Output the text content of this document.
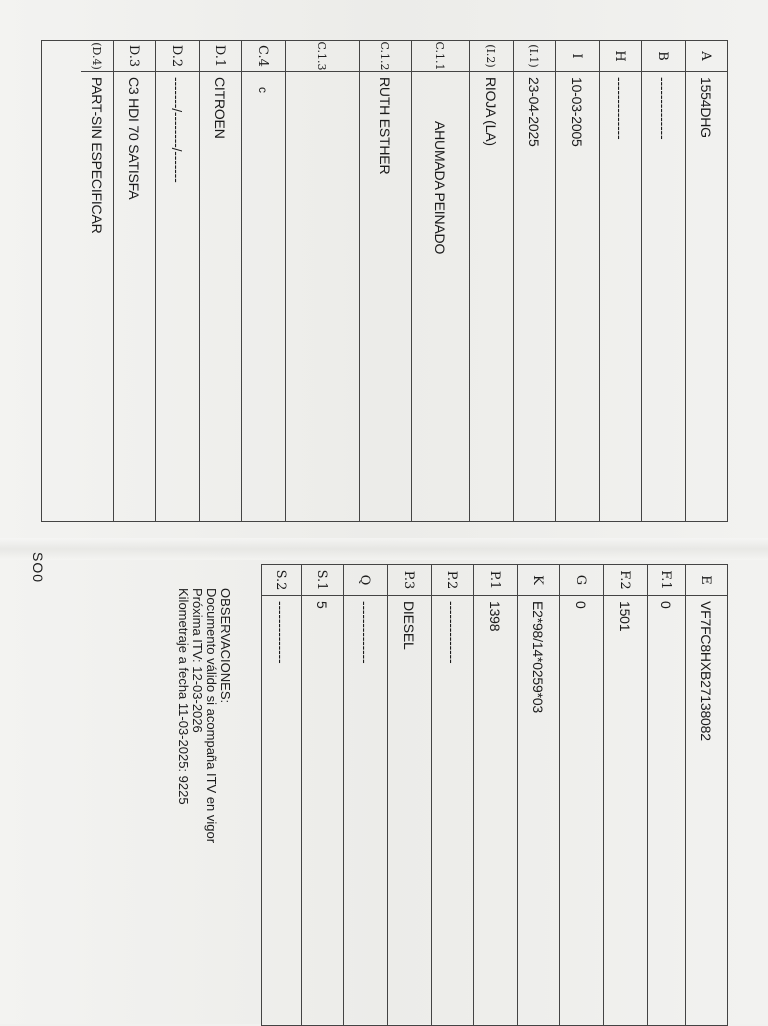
A
1554DHG
B
--------------
H
--------------
I
10-03-2005
(I.1)
23-04-2025
(I.2)
RIOJA (LA)
C.1.1
AHUMADA PEINADO
C.1.2
RUTH ESTHER
C.1.3
C.4
c
D.1
CITROEN
D.2
-------/--------/-------
D.3
C3 HDI 70 SATISFA
(D.4)
PART-SIN ESPECIFICAR
E
VF7FC8HXB27138082
F.1
0
F.2
1501
G
0
K
E2*98/14*0259*03
P.1
1398
P.2
--------------
P.3
DIESEL
Q
--------------
S.1
5
S.2
--------------
OBSERVACIONES:
Documento válido si acompaña ITV en vigor
Próxima ITV: 12-03-2026
Kilometraje a fecha 11-03-2025: 9225
SO0
